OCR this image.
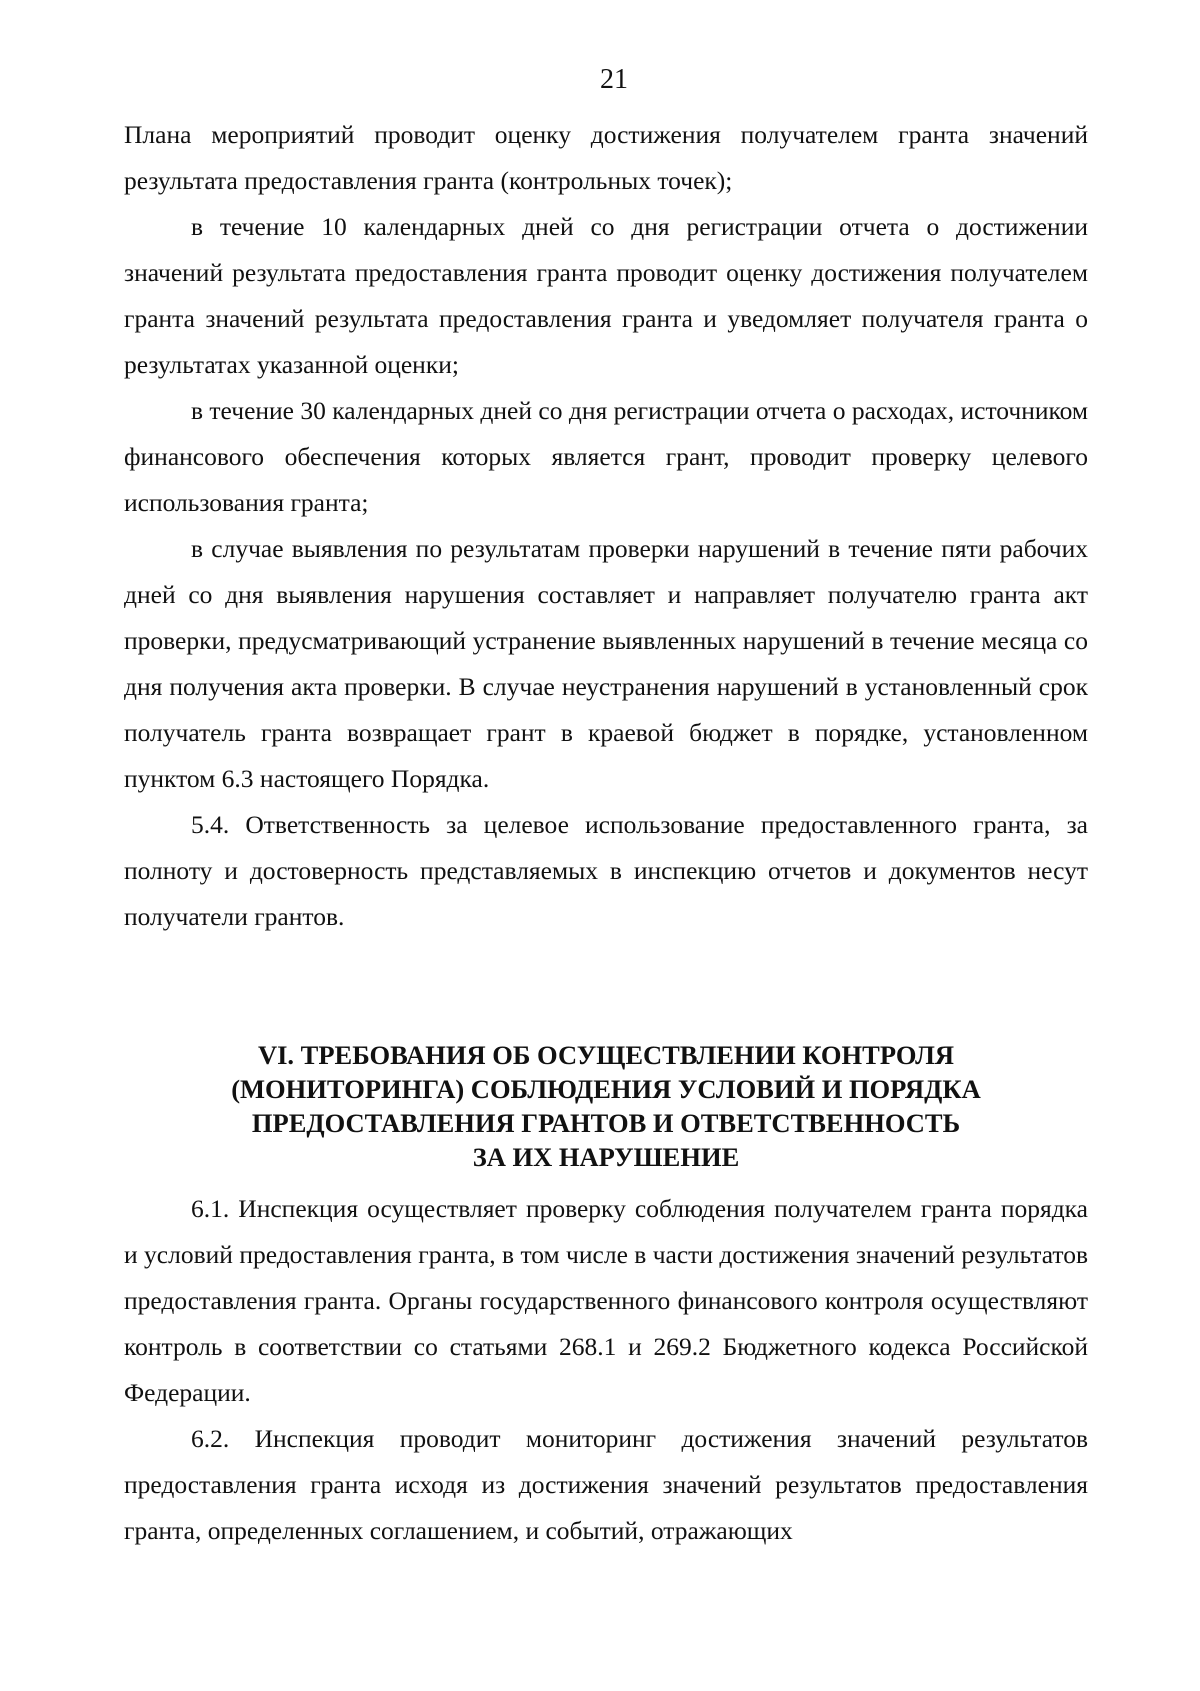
21

Плана мероприятий проводит оценку достижения получателем гранта значений результата предоставления гранта (контрольных точек);

в течение 10 календарных дней со дня регистрации отчета о достижении значений результата предоставления гранта проводит оценку достижения получателем гранта значений результата предоставления гранта и уведомляет получателя гранта о результатах указанной оценки;

в течение 30 календарных дней со дня регистрации отчета о расходах, источником финансового обеспечения которых является грант, проводит проверку целевого использования гранта;

в случае выявления по результатам проверки нарушений в течение пяти рабочих дней со дня выявления нарушения составляет и направляет получателю гранта акт проверки, предусматривающий устранение выявленных нарушений в течение месяца со дня получения акта проверки. В случае неустранения нарушений в установленный срок получатель гранта возвращает грант в краевой бюджет в порядке, установленном пунктом 6.3 настоящего Порядка.

5.4. Ответственность за целевое использование предоставленного гранта, за полноту и достоверность представляемых в инспекцию отчетов и документов несут получатели грантов.

VI. ТРЕБОВАНИЯ ОБ ОСУЩЕСТВЛЕНИИ КОНТРОЛЯ
(МОНИТОРИНГА) СОБЛЮДЕНИЯ УСЛОВИЙ И ПОРЯДКА
ПРЕДОСТАВЛЕНИЯ ГРАНТОВ И ОТВЕТСТВЕННОСТЬ
ЗА ИХ НАРУШЕНИЕ

6.1. Инспекция осуществляет проверку соблюдения получателем гранта порядка и условий предоставления гранта, в том числе в части достижения значений результатов предоставления гранта. Органы государственного финансового контроля осуществляют контроль в соответствии со статьями 268.1 и 269.2 Бюджетного кодекса Российской Федерации.

6.2. Инспекция проводит мониторинг достижения значений результатов предоставления гранта исходя из достижения значений результатов предоставления гранта, определенных соглашением, и событий, отражающих
